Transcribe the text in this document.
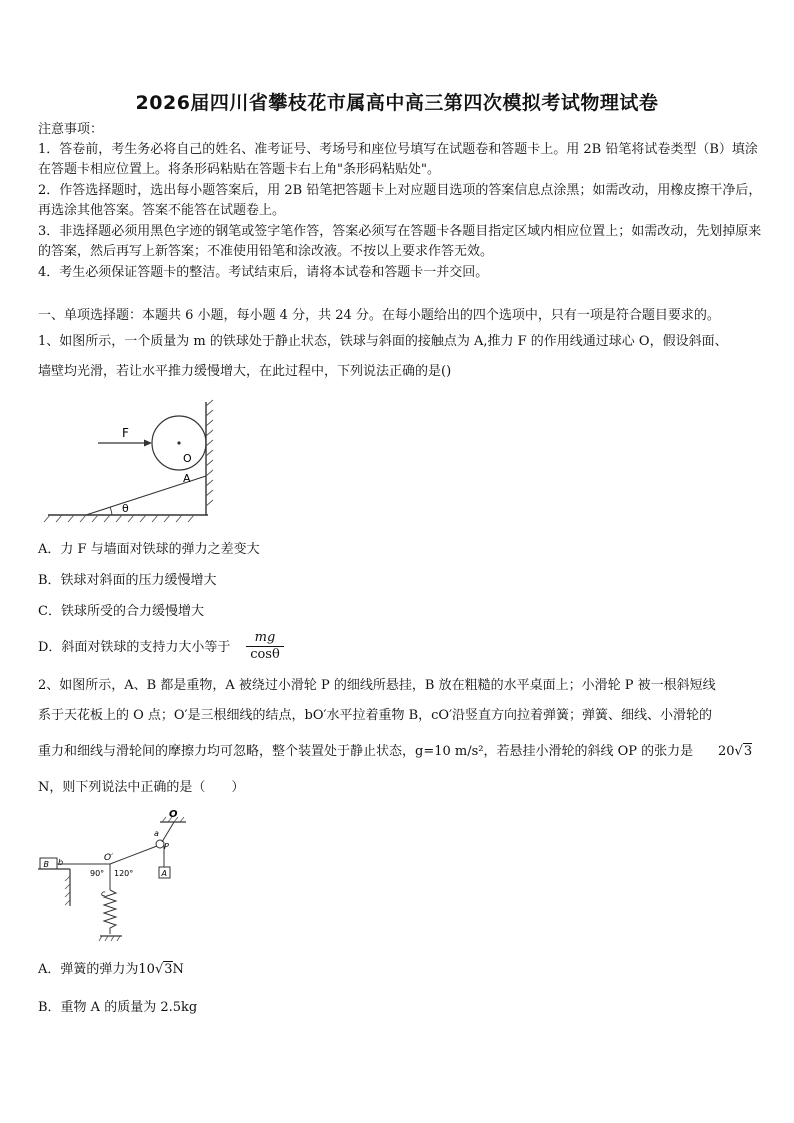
2026届四川省攀枝花市属高中高三第四次模拟考试物理试卷
注意事项：
1．答卷前，考生务必将自己的姓名、准考证号、考场号和座位号填写在试题卷和答题卡上。用 2B 铅笔将试卷类型（B）填涂在答题卡相应位置上。将条形码粘贴在答题卡右上角"条形码粘贴处"。
2．作答选择题时，选出每小题答案后，用 2B 铅笔把答题卡上对应题目选项的答案信息点涂黑；如需改动，用橡皮擦干净后，再选涂其他答案。答案不能答在试题卷上。
3．非选择题必须用黑色字迹的钢笔或签字笔作答，答案必须写在答题卡各题目指定区域内相应位置上；如需改动，先划掉原来的答案，然后再写上新答案；不准使用铅笔和涂改液。不按以上要求作答无效。
4．考生必须保证答题卡的整洁。考试结束后，请将本试卷和答题卡一并交回。
一、单项选择题：本题共 6 小题，每小题 4 分，共 24 分。在每小题给出的四个选项中，只有一项是符合题目要求的。
1、如图所示，一个质量为 m 的铁球处于静止状态，铁球与斜面的接触点为 A,推力 F 的作用线通过球心 O，假设斜面、
墙壁均光滑，若让水平推力缓慢增大，在此过程中，下列说法正确的是()
F
O
A
θ
A．力 F 与墙面对铁球的弹力之差变大
B．铁球对斜面的压力缓慢增大
C．铁球所受的合力缓慢增大
D．斜面对铁球的支持力大小等于 $\frac{mg}{\cos\theta}$
2、如图所示，A、B 都是重物，A 被绕过小滑轮 P 的细线所悬挂，B 放在粗糙的水平桌面上；小滑轮 P 被一根斜短线
系于天花板上的 O 点；O′是三根细线的结点，bO′水平拉着重物 B，cO′沿竖直方向拉着弹簧；弹簧、细线、小滑轮的
重力和细线与滑轮间的摩擦力均可忽略，整个装置处于静止状态，g=10 m/s²，若悬挂小滑轮的斜线 OP 的张力是 20√3
N，则下列说法中正确的是（　　）
O
a
P
A
B b	O′
90° 120°
c
A．弹簧的弹力为10√3N
B．重物 A 的质量为 2.5kg
